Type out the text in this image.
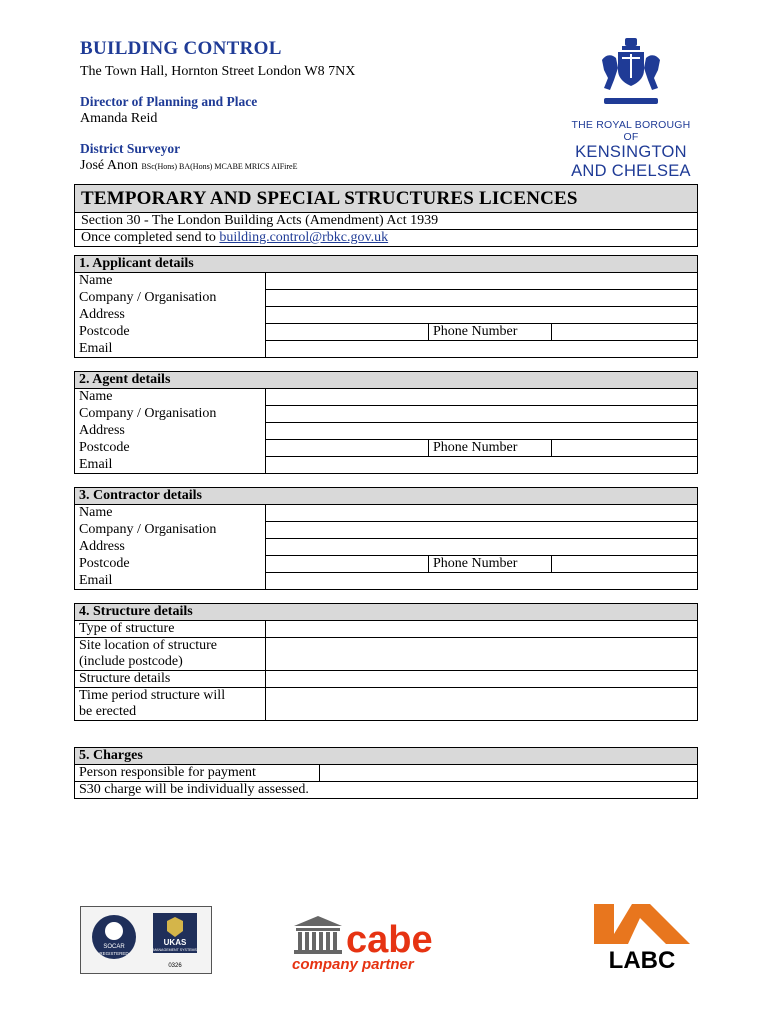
BUILDING CONTROL
The Town Hall, Hornton Street London W8 7NX
Director of Planning and Place
Amanda Reid
District Surveyor
José Anon BSc(Hons) BA(Hons) MCABE MRICS AIFireE
THE ROYAL BOROUGH OF
KENSINGTON
AND CHELSEA
TEMPORARY AND SPECIAL STRUCTURES LICENCES
Section 30 - The London Building Acts (Amendment) Act 1939
Once completed send to building.control@rbkc.gov.uk
1. Applicant details			
Name			
Company / Organisation			
Address			
Postcode		Phone Number	
Email			
2. Agent details			
Name			
Company / Organisation			
Address			
Postcode		Phone Number	
Email			
3. Contractor details			
Name			
Company / Organisation			
Address			
Postcode		Phone Number	
Email			
4. Structure details	
Type of structure	

Site location of structure
(include postcode)	

Structure details	

Time period structure will
be erected	

5. Charges
Person responsible for payment	
S30 charge will be individually assessed.
SOCAR
REGISTERED
UKAS
MANAGEMENT SYSTEMS
0326
cabe
company partner	LABC
